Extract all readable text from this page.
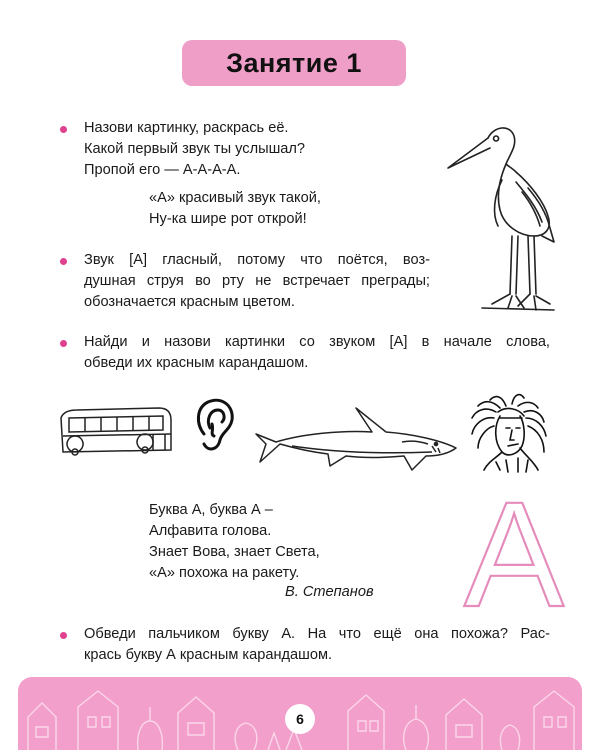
Занятие 1
Назови картинку, раскрась её.
Какой первый звук ты услышал?
Пропой его — А-А-А-А.
«А» красивый звук такой,
Ну-ка шире рот открой!
Звук [А] гласный, потому что поётся, воз-
душная струя во рту не встречает преграды;
обозначается красным цветом.
Найди и назови картинки со звуком [А] в начале слова,
обведи их красным карандашом.
Буква А, буква А –
Алфавита голова.
Знает Вова, знает Света,
«А» похожа на ракету.
В. Степанов А
Обведи пальчиком букву А. На что ещё она похожа? Рас-
крась букву А красным карандашом.
6
